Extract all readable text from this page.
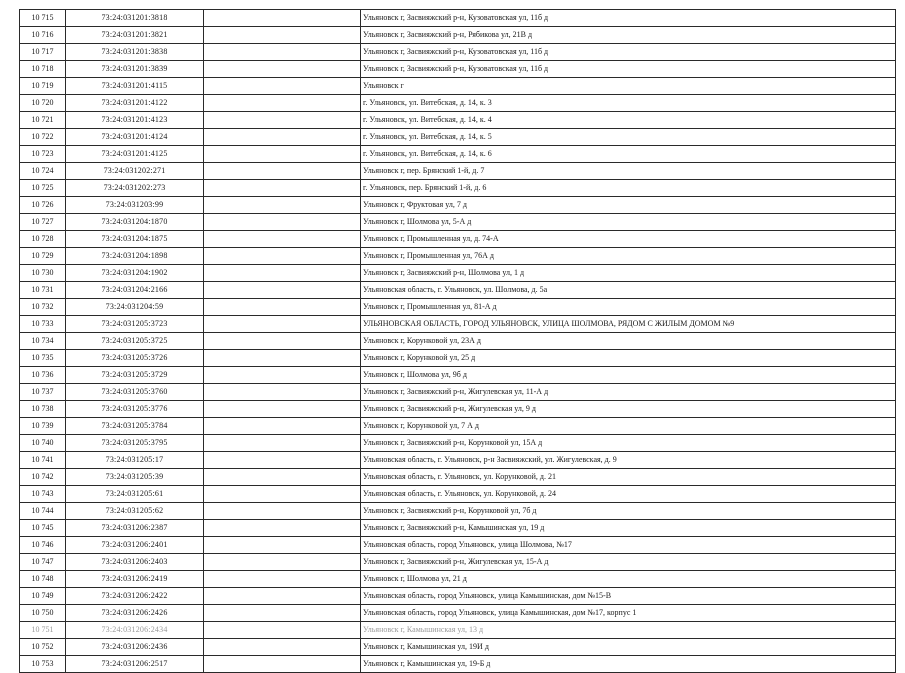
10 715	73:24:031201:3818		Ульяновск г, Засвияжский р-н, Кузоватовская ул, 11б д
10 716	73:24:031201:3821		Ульяновск г, Засвияжский р-н, Рябикова ул, 21В д
10 717	73:24:031201:3838		Ульяновск г, Засвияжский р-н, Кузоватовская ул, 11б д
10 718	73:24:031201:3839		Ульяновск г, Засвияжский р-н, Кузоватовская ул, 11б д
10 719	73:24:031201:4115		Ульяновск г
10 720	73:24:031201:4122		г. Ульяновск, ул. Витебская, д. 14, к. 3
10 721	73:24:031201:4123		г. Ульяновск, ул. Витебская, д. 14, к. 4
10 722	73:24:031201:4124		г. Ульяновск, ул. Витебская, д. 14, к. 5
10 723	73:24:031201:4125		г. Ульяновск, ул. Витебская, д. 14, к. 6
10 724	73:24:031202:271		Ульяновск г, пер. Брянский 1-й, д. 7
10 725	73:24:031202:273		г. Ульяновск, пер. Брянский 1-й, д. 6
10 726	73:24:031203:99		Ульяновск г, Фруктовая ул, 7 д
10 727	73:24:031204:1870		Ульяновск г, Шолмова ул, 5-А д
10 728	73:24:031204:1875		Ульяновск г, Промышленная ул, д. 74-А
10 729	73:24:031204:1898		Ульяновск г, Промышленная ул, 76А д
10 730	73:24:031204:1902		Ульяновск г, Засвияжский р-н, Шолмова ул, 1 д
10 731	73:24:031204:2166		Ульяновская область, г. Ульяновск, ул. Шолмова, д. 5а
10 732	73:24:031204:59		Ульяновск г, Промышленная ул, 81-А д
10 733	73:24:031205:3723		УЛЬЯНОВСКАЯ ОБЛАСТЬ, ГОРОД УЛЬЯНОВСК, УЛИЦА ШОЛМОВА, РЯДОМ С ЖИЛЫМ ДОМОМ №9
10 734	73:24:031205:3725		Ульяновск г, Корунковой ул, 23А д
10 735	73:24:031205:3726		Ульяновск г, Корунковой ул, 25 д
10 736	73:24:031205:3729		Ульяновск г, Шолмова ул, 9б д
10 737	73:24:031205:3760		Ульяновск г, Засвияжский р-н, Жигулевская ул, 11-А д
10 738	73:24:031205:3776		Ульяновск г, Засвияжский р-н, Жигулевская ул, 9 д
10 739	73:24:031205:3784		Ульяновск г, Корунковой ул, 7 А д
10 740	73:24:031205:3795		Ульяновск г, Засвияжский р-н, Корунковой ул, 15А д
10 741	73:24:031205:17		Ульяновская область, г. Ульяновск, р-н Засвияжский, ул. Жигулевская, д. 9
10 742	73:24:031205:39		Ульяновская область, г. Ульяновск, ул. Корунковой, д. 21
10 743	73:24:031205:61		Ульяновская область, г. Ульяновск, ул. Корунковой, д. 24
10 744	73:24:031205:62		Ульяновск г, Засвияжский р-н, Корунковой ул, 7б д
10 745	73:24:031206:2387		Ульяновск г, Засвияжский р-н, Камышинская ул, 19 д
10 746	73:24:031206:2401		Ульяновская область, город Ульяновск, улица Шолмова, №17
10 747	73:24:031206:2403		Ульяновск г, Засвияжский р-н, Жигулевская ул, 15-А д
10 748	73:24:031206:2419		Ульяновск г, Шолмова ул, 21 д
10 749	73:24:031206:2422		Ульяновская область, город Ульяновск, улица Камышинская, дом №15-В
10 750	73:24:031206:2426		Ульяновская область, город Ульяновск, улица Камышинская, дом №17, корпус 1
10 751	73:24:031206:2434		Ульяновск г, Камышинская ул, 13 д
10 752	73:24:031206:2436		Ульяновск г, Камышинская ул, 19И д
10 753	73:24:031206:2517		Ульяновск г, Камышинская ул, 19-Б д
